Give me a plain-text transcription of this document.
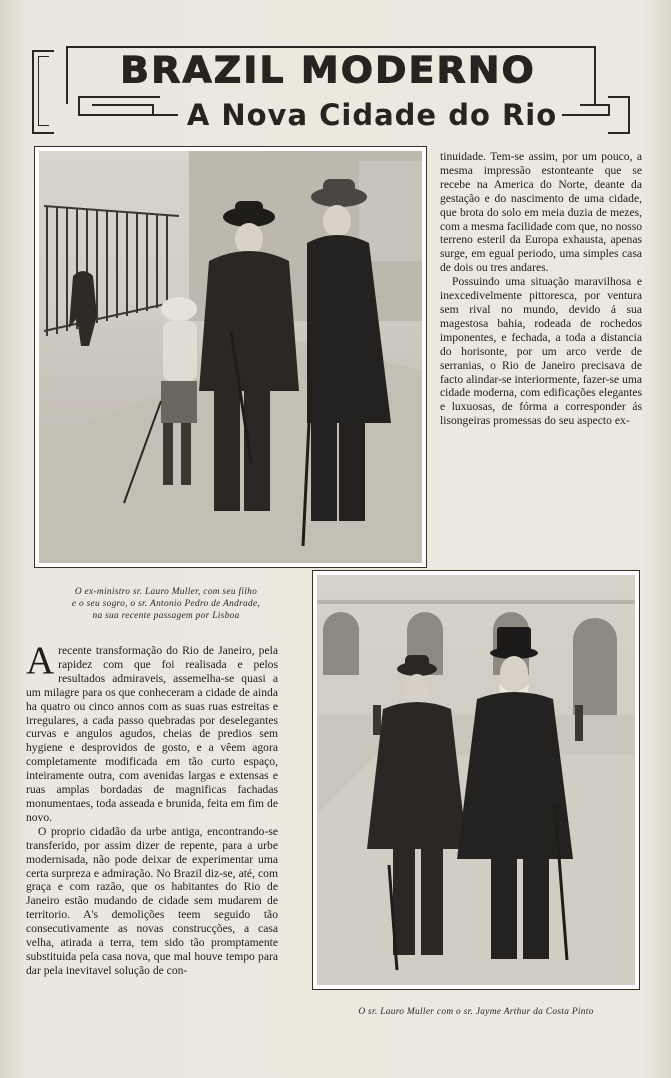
BRAZIL MODERNO
A Nova Cidade do Rio
O ex-ministro sr. Lauro Muller, com seu filho
e o seu sogro, o sr. Antonio Pedro de Andrade,
na sua recente passagem por Lisboa

tinuidade. Tem-se assim, por um pouco, a mesma impressão estontеante que se recebe na America do Norte, deante da gestação e do nascimento de uma cidade, que brota do solo em meia duzia de mezes, com a mesma facilidade com que, no nosso terreno esteril da Europa exhausta, apenas surge, em egual periodo, uma simples casa de dois ou tres andares.

Possuindo uma situação maravilhosa e inexcedivelmente pittoresca, por ventura sem rival no mundo, devido á sua magestosa bahia, rodeada de rochedos imponentes, e fechada, a toda a distancia do horisonte, por um arco verde de serranias, o Rio de Janeiro precisava de facto alindar-se interiormente, fazer-se uma cidade moderna, com edificações elegantes e luxuosas, de fórma a corresponder ás lisongeiras promessas do seu aspecto ex-

Arecente transformação do Rio de Janeiro, pela rapidez com que foi realisada e pelos resultados admiraveis, assemelha-se quasi a um milagre para os que conheceram a cidade de ainda ha quatro ou cinco annos com as suas ruas estreitas e irregulares, a cada passo quebradas por deselegantes curvas e angulos agudos, cheias de predios sem hygiene e desprovidos de gosto, e a vêem agora completamente modificada em tão curto espaço, inteiramente outra, com avenidas largas e extensas e ruas amplas bordadas de magnificas fachadas monumentaes, toda asseada e brunida, feita em fim de novo.

O proprio cidadão da urbe antiga, encontrando-se transferido, por assim dizer de repente, para a urbe modernisada, não pode deixar de experimentar uma certa surpreza e admiração. No Brazil diz-se, até, com graça e com razão, que os habitantes do Rio de Janeiro estão mudando de cidade sem mudarem de territorio. A's demolições teem seguido tão consecutivamente as novas construcções, a casa velha, atirada a terra, tem sido tão promptamente substituida pela casa nova, que mal houve tempo para dar pela inevitavel solução de con-

O sr. Lauro Muller com o sr. Jayme Arthur da Costa Pinto
